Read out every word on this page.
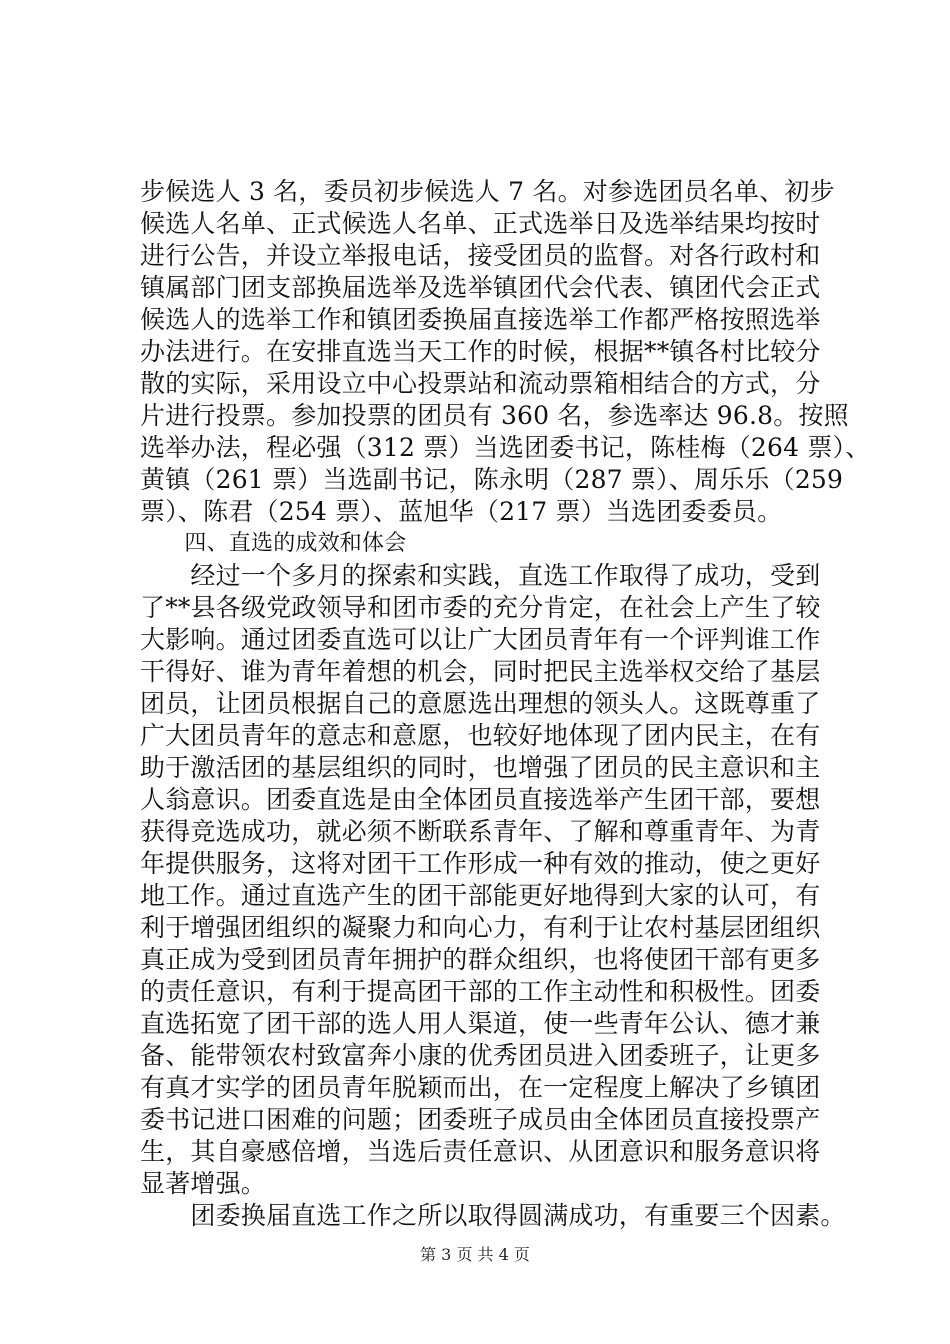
步候选人 3 名，委员初步候选人 7 名。对参选团员名单、初步
候选人名单、正式候选人名单、正式选举日及选举结果均按时
进行公告，并设立举报电话，接受团员的监督。对各行政村和
镇属部门团支部换届选举及选举镇团代会代表、镇团代会正式
候选人的选举工作和镇团委换届直接选举工作都严格按照选举
办法进行。在安排直选当天工作的时候，根据**镇各村比较分
散的实际，采用设立中心投票站和流动票箱相结合的方式，分
片进行投票。参加投票的团员有 360 名，参选率达 96.8。按照
选举办法，程必强（312 票）当选团委书记，陈桂梅（264 票）、
黄镇（261 票）当选副书记，陈永明（287 票）、周乐乐（259
票）、陈君（254 票）、蓝旭华（217 票）当选团委委员。
　　四、直选的成效和体会
　　经过一个多月的探索和实践，直选工作取得了成功，受到
了**县各级党政领导和团市委的充分肯定，在社会上产生了较
大影响。通过团委直选可以让广大团员青年有一个评判谁工作
干得好、谁为青年着想的机会，同时把民主选举权交给了基层
团员，让团员根据自己的意愿选出理想的领头人。这既尊重了
广大团员青年的意志和意愿，也较好地体现了团内民主，在有
助于激活团的基层组织的同时，也增强了团员的民主意识和主
人翁意识。团委直选是由全体团员直接选举产生团干部，要想
获得竞选成功，就必须不断联系青年、了解和尊重青年、为青
年提供服务，这将对团干工作形成一种有效的推动，使之更好
地工作。通过直选产生的团干部能更好地得到大家的认可，有
利于增强团组织的凝聚力和向心力，有利于让农村基层团组织
真正成为受到团员青年拥护的群众组织，也将使团干部有更多
的责任意识，有利于提高团干部的工作主动性和积极性。团委
直选拓宽了团干部的选人用人渠道，使一些青年公认、德才兼
备、能带领农村致富奔小康的优秀团员进入团委班子，让更多
有真才实学的团员青年脱颖而出，在一定程度上解决了乡镇团
委书记进口困难的问题；团委班子成员由全体团员直接投票产
生，其自豪感倍增，当选后责任意识、从团意识和服务意识将
显著增强。
　　团委换届直选工作之所以取得圆满成功，有重要三个因素。
第 3 页 共 4 页
